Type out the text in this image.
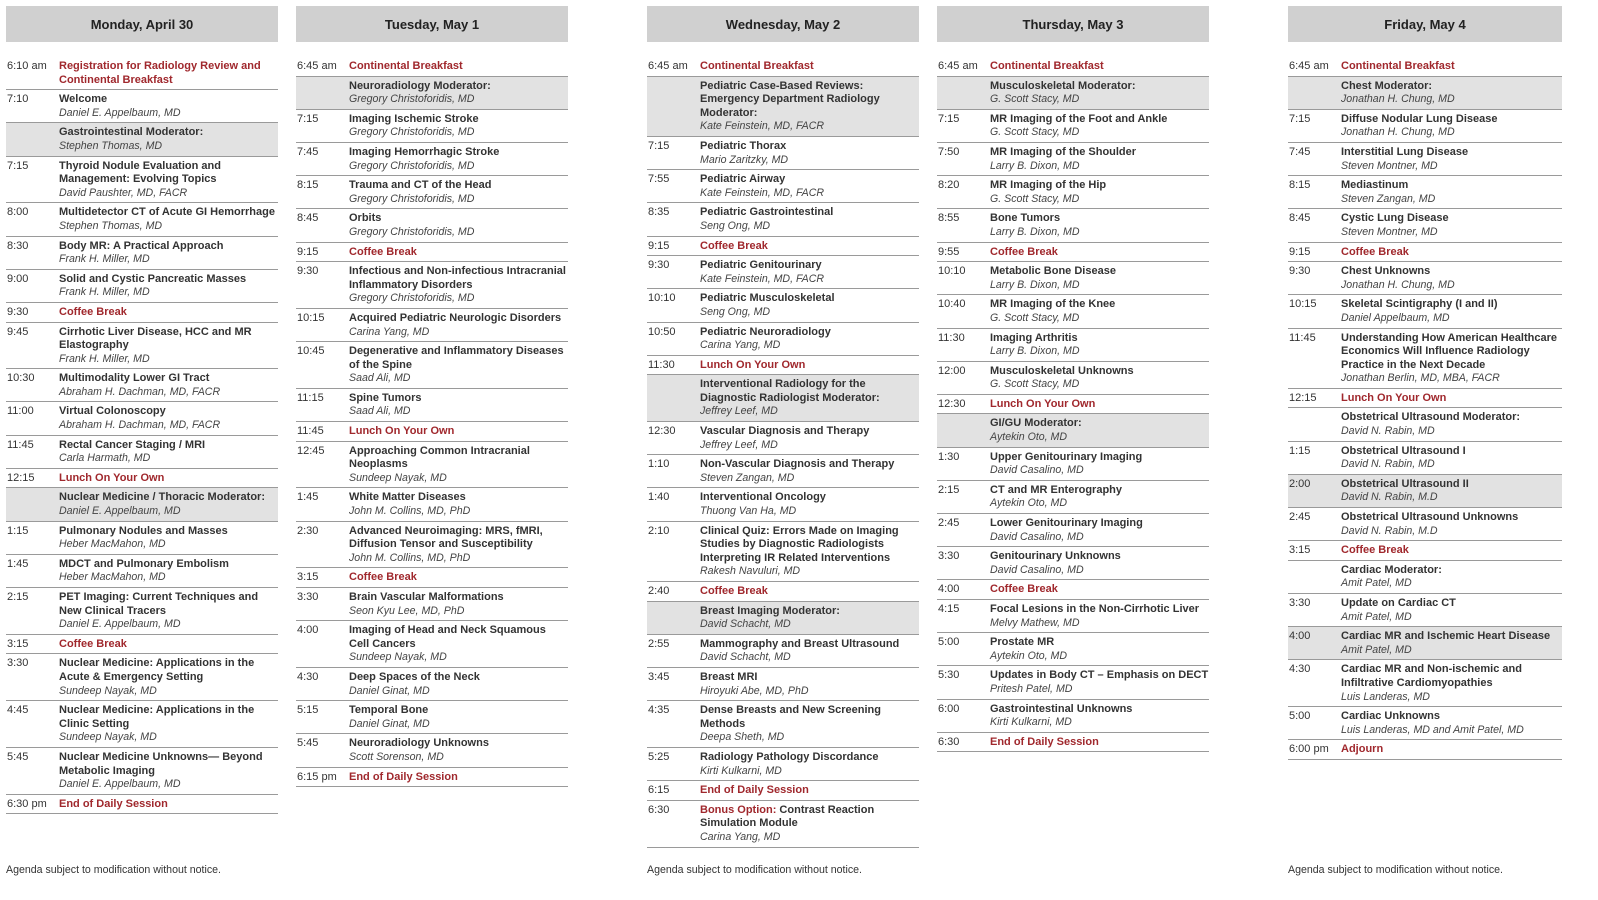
Monday, April 30
6:10 am	Registration for Radiology Review and Continental Breakfast
7:10	Welcome
Daniel E. Appelbaum, MD
Gastrointestinal Moderator:
Stephen Thomas, MD
7:15	Thyroid Nodule Evaluation and Management: Evolving Topics
David Paushter, MD, FACR
8:00	Multidetector CT of Acute GI Hemorrhage
Stephen Thomas, MD
8:30	Body MR: A Practical Approach
Frank H. Miller, MD
9:00	Solid and Cystic Pancreatic Masses
Frank H. Miller, MD
9:30	Coffee Break
9:45	Cirrhotic Liver Disease, HCC and MR Elastography
Frank H. Miller, MD
10:30	Multimodality Lower GI Tract
Abraham H. Dachman, MD, FACR
11:00	Virtual Colonoscopy
Abraham H. Dachman, MD, FACR
11:45	Rectal Cancer Staging / MRI
Carla Harmath, MD
12:15	Lunch On Your Own
Nuclear Medicine / Thoracic Moderator:
Daniel E. Appelbaum, MD
1:15	Pulmonary Nodules and Masses
Heber MacMahon, MD
1:45	MDCT and Pulmonary Embolism
Heber MacMahon, MD
2:15	PET Imaging: Current Techniques and New Clinical Tracers
Daniel E. Appelbaum, MD
3:15	Coffee Break
3:30	Nuclear Medicine: Applications in the Acute & Emergency Setting
Sundeep Nayak, MD
4:45	Nuclear Medicine: Applications in the Clinic Setting
Sundeep Nayak, MD
5:45	Nuclear Medicine Unknowns— Beyond Metabolic Imaging
Daniel E. Appelbaum, MD
6:30 pm	End of Daily Session
Agenda subject to modification without notice.
Tuesday, May 1
6:45 am	Continental Breakfast
Neuroradiology Moderator:
Gregory Christoforidis, MD
7:15	Imaging Ischemic Stroke
Gregory Christoforidis, MD
7:45	Imaging Hemorrhagic Stroke
Gregory Christoforidis, MD
8:15	Trauma and CT of the Head
Gregory Christoforidis, MD
8:45	Orbits
Gregory Christoforidis, MD
9:15	Coffee Break
9:30	Infectious and Non-infectious Intracranial Inflammatory Disorders
Gregory Christoforidis, MD
10:15	Acquired Pediatric Neurologic Disorders
Carina Yang, MD
10:45	Degenerative and Inflammatory Diseases of the Spine
Saad Ali, MD
11:15	Spine Tumors
Saad Ali, MD
11:45	Lunch On Your Own
12:45	Approaching Common Intracranial Neoplasms
Sundeep Nayak, MD
1:45	White Matter Diseases
John M. Collins, MD, PhD
2:30	Advanced Neuroimaging: MRS, fMRI, Diffusion Tensor and Susceptibility
John M. Collins, MD, PhD
3:15	Coffee Break
3:30	Brain Vascular Malformations
Seon Kyu Lee, MD, PhD
4:00	Imaging of Head and Neck Squamous Cell Cancers
Sundeep Nayak, MD
4:30	Deep Spaces of the Neck
Daniel Ginat, MD
5:15	Temporal Bone
Daniel Ginat, MD
5:45	Neuroradiology Unknowns
Scott Sorenson, MD
6:15 pm	End of Daily Session
Wednesday, May 2
6:45 am	Continental Breakfast
Pediatric Case-Based Reviews: Emergency Department Radiology Moderator:
Kate Feinstein, MD, FACR
7:15	Pediatric Thorax
Mario Zaritzky, MD
7:55	Pediatric Airway
Kate Feinstein, MD, FACR
8:35	Pediatric Gastrointestinal
Seng Ong, MD
9:15	Coffee Break
9:30	Pediatric Genitourinary
Kate Feinstein, MD, FACR
10:10	Pediatric Musculoskeletal
Seng Ong, MD
10:50	Pediatric Neuroradiology
Carina Yang, MD
11:30	Lunch On Your Own
Interventional Radiology for the Diagnostic Radiologist Moderator:
Jeffrey Leef, MD
12:30	Vascular Diagnosis and Therapy
Jeffrey Leef, MD
1:10	Non-Vascular Diagnosis and Therapy
Steven Zangan, MD
1:40	Interventional Oncology
Thuong Van Ha, MD
2:10	Clinical Quiz: Errors Made on Imaging Studies by Diagnostic Radiologists Interpreting IR Related Interventions
Rakesh Navuluri, MD
2:40	Coffee Break
Breast Imaging Moderator:
David Schacht, MD
2:55	Mammography and Breast Ultrasound
David Schacht, MD
3:45	Breast MRI
Hiroyuki Abe, MD, PhD
4:35	Dense Breasts and New Screening Methods
Deepa Sheth, MD
5:25	Radiology Pathology Discordance
Kirti Kulkarni, MD
6:15	End of Daily Session
6:30	Bonus Option: Contrast Reaction Simulation Module
Carina Yang, MD
Agenda subject to modification without notice.
Thursday, May 3
6:45 am	Continental Breakfast
Musculoskeletal Moderator:
G. Scott Stacy, MD
7:15	MR Imaging of the Foot and Ankle
G. Scott Stacy, MD
7:50	MR Imaging of the Shoulder
Larry B. Dixon, MD
8:20	MR Imaging of the Hip
G. Scott Stacy, MD
8:55	Bone Tumors
Larry B. Dixon, MD
9:55	Coffee Break
10:10	Metabolic Bone Disease
Larry B. Dixon, MD
10:40	MR Imaging of the Knee
G. Scott Stacy, MD
11:30	Imaging Arthritis
Larry B. Dixon, MD
12:00	Musculoskeletal Unknowns
G. Scott Stacy, MD
12:30	Lunch On Your Own
GI/GU Moderator:
Aytekin Oto, MD
1:30	Upper Genitourinary Imaging
David Casalino, MD
2:15	CT and MR Enterography
Aytekin Oto, MD
2:45	Lower Genitourinary Imaging
David Casalino, MD
3:30	Genitourinary Unknowns
David Casalino, MD
4:00	Coffee Break
4:15	Focal Lesions in the Non-Cirrhotic Liver
Melvy Mathew, MD
5:00	Prostate MR
Aytekin Oto, MD
5:30	Updates in Body CT – Emphasis on DECT
Pritesh Patel, MD
6:00	Gastrointestinal Unknowns
Kirti Kulkarni, MD
6:30	End of Daily Session
Friday, May 4
6:45 am	Continental Breakfast
Chest Moderator:
Jonathan H. Chung, MD
7:15	Diffuse Nodular Lung Disease
Jonathan H. Chung, MD
7:45	Interstitial Lung Disease
Steven Montner, MD
8:15	Mediastinum
Steven Zangan, MD
8:45	Cystic Lung Disease
Steven Montner, MD
9:15	Coffee Break
9:30	Chest Unknowns
Jonathan H. Chung, MD
10:15	Skeletal Scintigraphy (I and II)
Daniel Appelbaum, MD
11:45	Understanding How American Healthcare Economics Will Influence Radiology Practice in the Next Decade
Jonathan Berlin, MD, MBA, FACR
12:15	Lunch On Your Own
Obstetrical Ultrasound Moderator:
David N. Rabin, MD
1:15	Obstetrical Ultrasound I
David N. Rabin, MD
2:00	Obstetrical Ultrasound II
David N. Rabin, M.D
2:45	Obstetrical Ultrasound Unknowns
David N. Rabin, M.D
3:15	Coffee Break
Cardiac Moderator:
Amit Patel, MD
3:30	Update on Cardiac CT
Amit Patel, MD
4:00	Cardiac MR and Ischemic Heart Disease
Amit Patel, MD
4:30	Cardiac MR and Non-ischemic and Infiltrative Cardiomyopathies
Luis Landeras, MD
5:00	Cardiac Unknowns
Luis Landeras, MD and Amit Patel, MD
6:00 pm	Adjourn
Agenda subject to modification without notice.
